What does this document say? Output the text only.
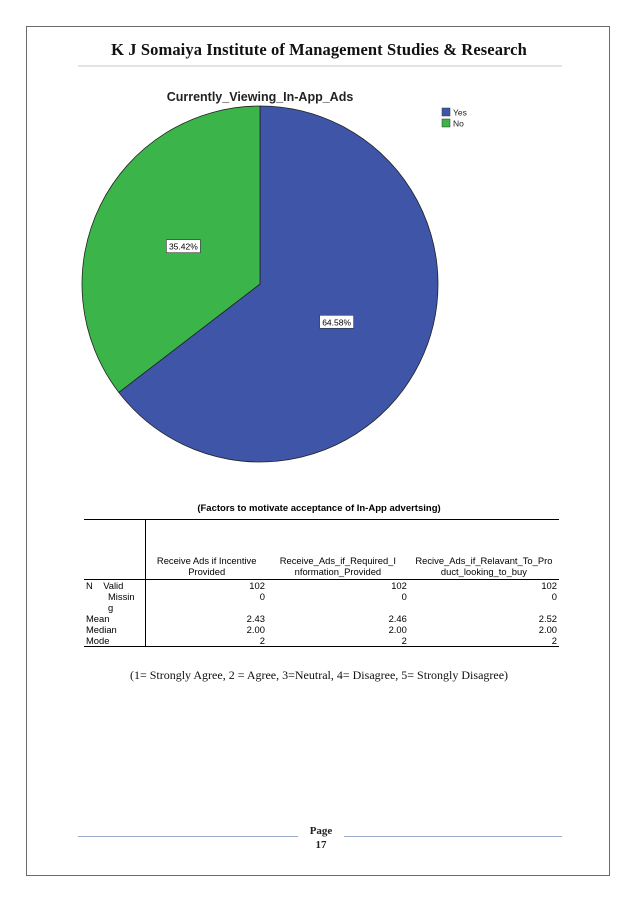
K J Somaiya Institute of Management Studies & Research
Currently_Viewing_In-App_Ads
64.58%
35.42%
Yes
No
(Factors to motivate acceptance of In-App advertsing)
	Receive Ads if Incentive Provided	Receive_Ads_if_Required_I nformation_Provided	Recive_Ads_if_Relavant_To_Pro duct_looking_to_buy
N Valid	102	102	102

Missin g	0	0	0
Mean	2.43	2.46	2.52
Median	2.00	2.00	2.00
Mode	2	2	2
(1= Strongly Agree, 2 = Agree, 3=Neutral, 4= Disagree, 5= Strongly Disagree)
Page
17
